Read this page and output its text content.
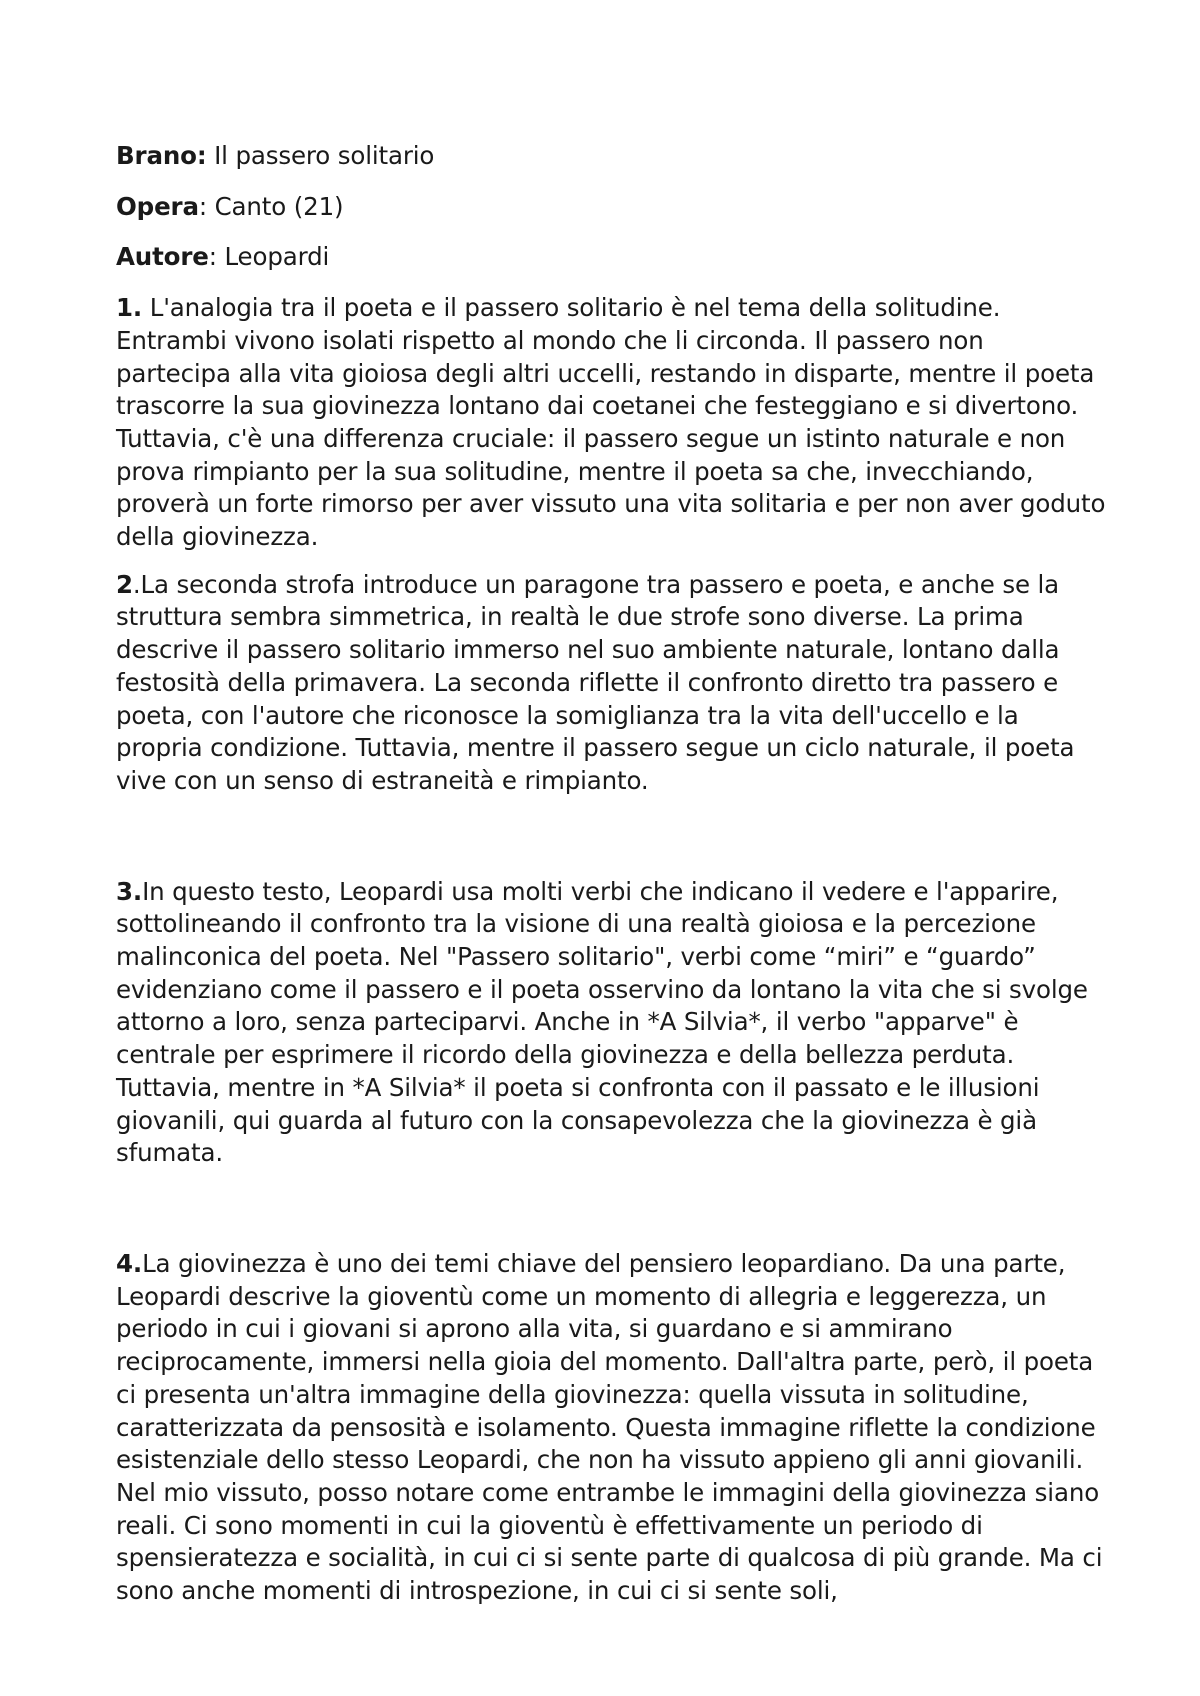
Brano: Il passero solitario

Opera: Canto (21)

Autore: Leopardi

1. L'analogia tra il poeta e il passero solitario è nel tema della solitudine. Entrambi vivono isolati rispetto al mondo che li circonda. Il passero non partecipa alla vita gioiosa degli altri uccelli, restando in disparte, mentre il poeta trascorre la sua giovinezza lontano dai coetanei che festeggiano e si divertono. Tuttavia, c'è una differenza cruciale: il passero segue un istinto naturale e non prova rimpianto per la sua solitudine, mentre il poeta sa che, invecchiando, proverà un forte rimorso per aver vissuto una vita solitaria e per non aver goduto della giovinezza.

2.La seconda strofa introduce un paragone tra passero e poeta, e anche se la struttura sembra simmetrica, in realtà le due strofe sono diverse. La prima descrive il passero solitario immerso nel suo ambiente naturale, lontano dalla festosità della primavera. La seconda riflette il confronto diretto tra passero e poeta, con l'autore che riconosce la somiglianza tra la vita dell'uccello e la propria condizione. Tuttavia, mentre il passero segue un ciclo naturale, il poeta vive con un senso di estraneità e rimpianto.

3.In questo testo, Leopardi usa molti verbi che indicano il vedere e l'apparire, sottolineando il confronto tra la visione di una realtà gioiosa e la percezione malinconica del poeta. Nel "Passero solitario", verbi come “miri” e “guardo” evidenziano come il passero e il poeta osservino da lontano la vita che si svolge attorno a loro, senza parteciparvi. Anche in *A Silvia*, il verbo "apparve" è centrale per esprimere il ricordo della giovinezza e della bellezza perduta. Tuttavia, mentre in *A Silvia* il poeta si confronta con il passato e le illusioni giovanili, qui guarda al futuro con la consapevolezza che la giovinezza è già sfumata.

4.La giovinezza è uno dei temi chiave del pensiero leopardiano. Da una parte, Leopardi descrive la gioventù come un momento di allegria e leggerezza, un periodo in cui i giovani si aprono alla vita, si guardano e si ammirano reciprocamente, immersi nella gioia del momento. Dall'altra parte, però, il poeta ci presenta un'altra immagine della giovinezza: quella vissuta in solitudine, caratterizzata da pensosità e isolamento. Questa immagine riflette la condizione esistenziale dello stesso Leopardi, che non ha vissuto appieno gli anni giovanili. Nel mio vissuto, posso notare come entrambe le immagini della giovinezza siano reali. Ci sono momenti in cui la gioventù è effettivamente un periodo di spensieratezza e socialità, in cui ci si sente parte di qualcosa di più grande. Ma ci sono anche momenti di introspezione, in cui ci si sente soli,
